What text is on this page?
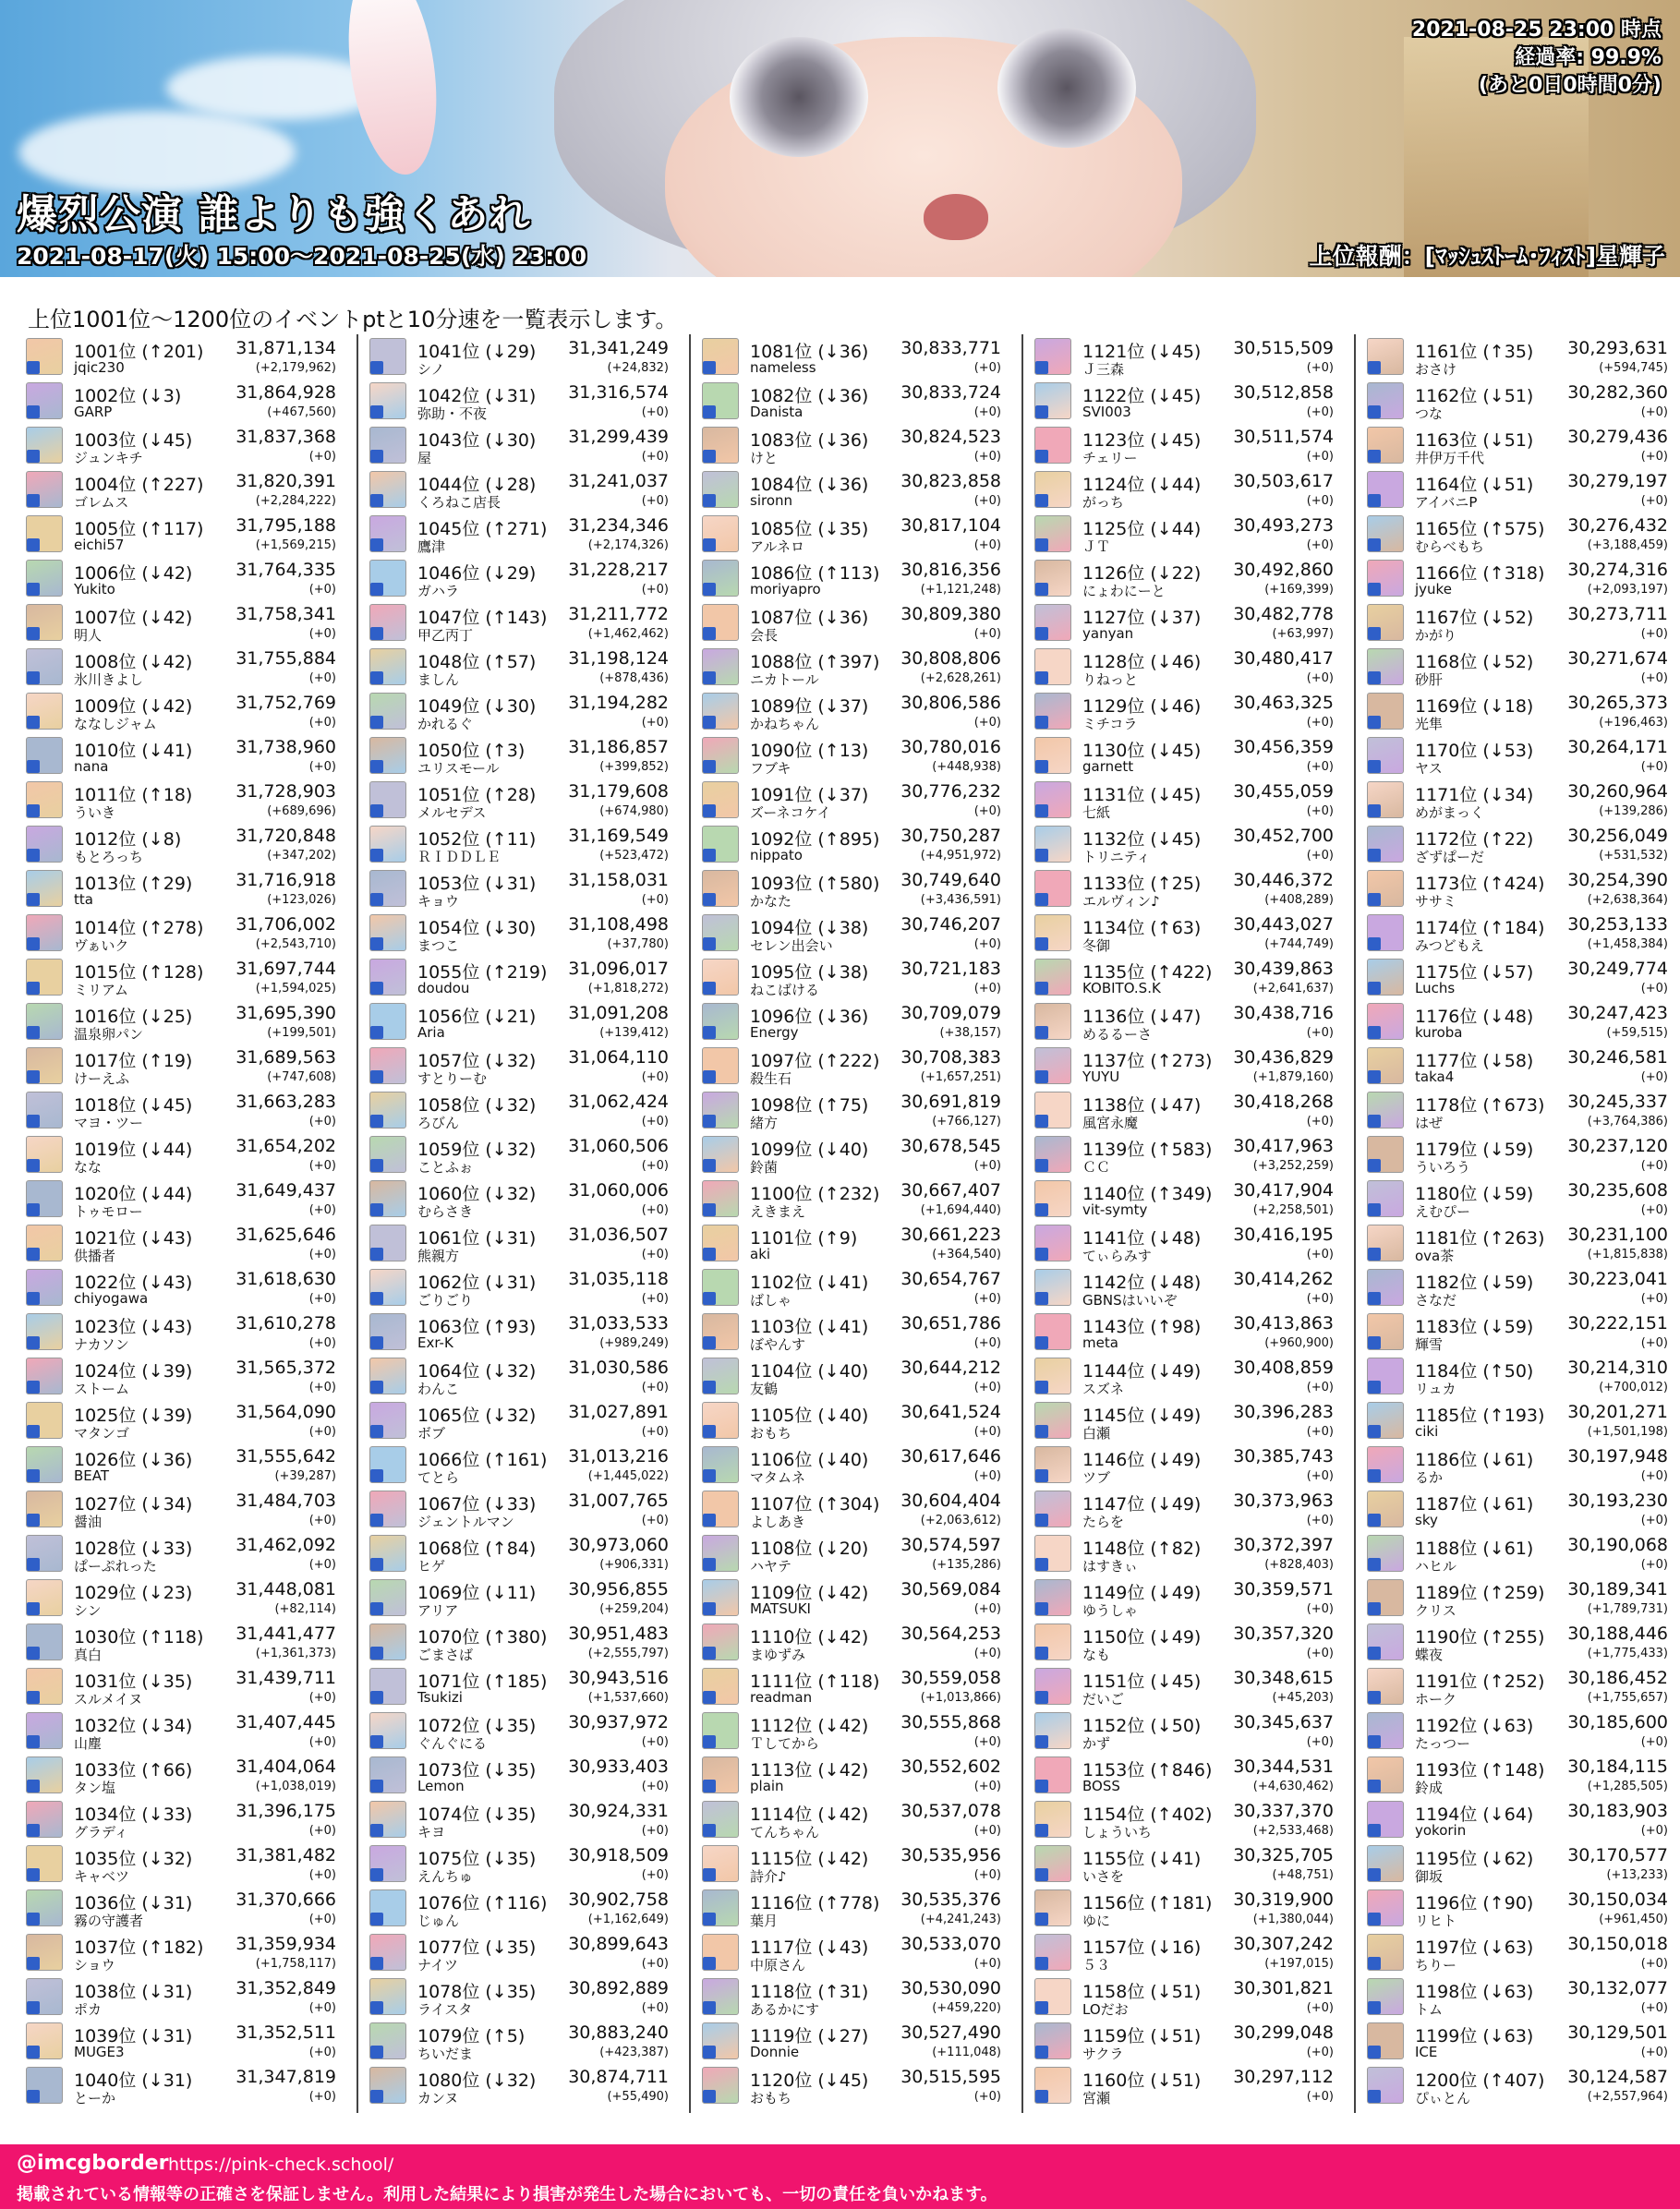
2021-08-25 23:00 時点
経過率: 99.9%
(あと0日0時間0分)
爆烈公演 誰よりも強くあれ
2021-08-17(火) 15:00～2021-08-25(水) 23:00	上位報酬：[ﾏｯｼｭｽﾄｰﾑ･ﾌｨｽﾄ]星輝子
上位1001位～1200位のイベントptと10分速を一覧表示します。
1001位 (↑201) 31,871,134
jqic230	(+2,179,962)
1002位 (↓3)	31,864,928
GARP	(+467,560)
1003位 (↓45) 31,837,368
ジュンキチ	(+0)
1004位 (↑227) 31,820,391
ゴレムス	(+2,284,222)
1005位 (↑117) 31,795,188
eichi57	(+1,569,215)
1006位 (↓42) 31,764,335
Yukito	(+0)
1007位 (↓42) 31,758,341
明人	(+0)
1008位 (↓42) 31,755,884
氷川きよし	(+0)
1009位 (↓42) 31,752,769
ななしジャム	(+0)
1010位 (↓41) 31,738,960
nana	(+0)
1011位 (↑18) 31,728,903
ういき	(+689,696)
1012位 (↓8)	31,720,848
もとろっち	(+347,202)
1013位 (↑29) 31,716,918
tta	(+123,026)
1014位 (↑278) 31,706,002
ヴぁいク	(+2,543,710)
1015位 (↑128) 31,697,744
ミリアム	(+1,594,025)
1016位 (↓25) 31,695,390
温泉卵パン	(+199,501)
1017位 (↑19) 31,689,563
けーえふ	(+747,608)
1018位 (↓45) 31,663,283
マヨ・ツー	(+0)
1019位 (↓44) 31,654,202
なな	(+0)
1020位 (↓44) 31,649,437
トゥモロー	(+0)
1021位 (↓43) 31,625,646
供播者	(+0)
1022位 (↓43) 31,618,630
chiyogawa	(+0)
1023位 (↓43) 31,610,278
ナカソン	(+0)
1024位 (↓39) 31,565,372
ストーム	(+0)
1025位 (↓39) 31,564,090
マタンゴ	(+0)
1026位 (↓36) 31,555,642
BEAT	(+39,287)
1027位 (↓34) 31,484,703
醤油	(+0)
1028位 (↓33) 31,462,092
ぱーぷれった	(+0)
1029位 (↓23) 31,448,081
シン	(+82,114)
1030位 (↑118) 31,441,477
真白	(+1,361,373)
1031位 (↓35) 31,439,711
スルメイヌ	(+0)
1032位 (↓34) 31,407,445
山塵	(+0)
1033位 (↑66) 31,404,064
タン塩	(+1,038,019)
1034位 (↓33) 31,396,175
グラディ	(+0)
1035位 (↓32) 31,381,482
キャベツ	(+0)
1036位 (↓31) 31,370,666
霧の守護者	(+0)
1037位 (↑182) 31,359,934
ショウ	(+1,758,117)
1038位 (↓31) 31,352,849
ポカ	(+0)
1039位 (↓31) 31,352,511
MUGE3	(+0)
1040位 (↓31) 31,347,819
とーか	(+0)
1041位 (↓29) 31,341,249
シノ	(+24,832)
1042位 (↓31) 31,316,574
弥助・不夜	(+0)
1043位 (↓30) 31,299,439
屋	(+0)
1044位 (↓28) 31,241,037
くろねこ店長	(+0)
1045位 (↑271) 31,234,346
鷹津	(+2,174,326)
1046位 (↓29) 31,228,217
ガハラ	(+0)
1047位 (↑143) 31,211,772
甲乙丙丁	(+1,462,462)
1048位 (↑57) 31,198,124
ましん	(+878,436)
1049位 (↓30) 31,194,282
かれるぐ	(+0)
1050位 (↑3) 31,186,857
ユリスモール	(+399,852)
1051位 (↑28) 31,179,608
メルセデス	(+674,980)
1052位 (↑11) 31,169,549
ＲＩＤＤＬＥ	(+523,472)
1053位 (↓31) 31,158,031
キョウ	(+0)
1054位 (↓30) 31,108,498
まつこ	(+37,780)
1055位 (↑219) 31,096,017
doudou	(+1,818,272)
1056位 (↓21) 31,091,208
Aria	(+139,412)
1057位 (↓32) 31,064,110
すとりーむ	(+0)
1058位 (↓32) 31,062,424
ろびん	(+0)
1059位 (↓32) 31,060,506
ことふぉ	(+0)
1060位 (↓32) 31,060,006
むらさき	(+0)
1061位 (↓31) 31,036,507
熊親方	(+0)
1062位 (↓31) 31,035,118
ごりごり	(+0)
1063位 (↑93) 31,033,533
Exr-K	(+989,249)
1064位 (↓32) 31,030,586
わんこ	(+0)
1065位 (↓32) 31,027,891
ボブ	(+0)
1066位 (↑161) 31,013,216
てとら	(+1,445,022)
1067位 (↓33) 31,007,765
ジェントルマン	(+0)
1068位 (↑84) 30,973,060
ヒゲ	(+906,331)
1069位 (↓11) 30,956,855
アリア	(+259,204)
1070位 (↑380) 30,951,483
ごまさば	(+2,555,797)
1071位 (↑185) 30,943,516
Tsukizi	(+1,537,660)
1072位 (↓35) 30,937,972
ぐんぐにる	(+0)
1073位 (↓35) 30,933,403
Lemon	(+0)
1074位 (↓35) 30,924,331
キヨ	(+0)
1075位 (↓35) 30,918,509
えんちゅ	(+0)
1076位 (↑116) 30,902,758
じゅん	(+1,162,649)
1077位 (↓35) 30,899,643
ナイツ	(+0)
1078位 (↓35) 30,892,889
ライスタ	(+0)
1079位 (↑5) 30,883,240
ちいだま	(+423,387)
1080位 (↓32) 30,874,711
カンヌ	(+55,490)
1081位 (↓36) 30,833,771
nameless	(+0)
1082位 (↓36) 30,833,724
Danista	(+0)
1083位 (↓36) 30,824,523
けと	(+0)
1084位 (↓36) 30,823,858
sironn	(+0)
1085位 (↓35) 30,817,104
アルネロ	(+0)
1086位 (↑113) 30,816,356
moriyapro	(+1,121,248)
1087位 (↓36) 30,809,380
会長	(+0)
1088位 (↑397) 30,808,806
ニカトール	(+2,628,261)
1089位 (↓37) 30,806,586
かねちゃん	(+0)
1090位 (↑13) 30,780,016
フブキ	(+448,938)
1091位 (↓37) 30,776,232
ズーネコケイ	(+0)
1092位 (↑895) 30,750,287
nippato	(+4,951,972)
1093位 (↑580) 30,749,640
かなた	(+3,436,591)
1094位 (↓38) 30,746,207
セレン出会い	(+0)
1095位 (↓38) 30,721,183
ねこばける	(+0)
1096位 (↓36) 30,709,079
Energy	(+38,157)
1097位 (↑222) 30,708,383
殺生石	(+1,657,251)
1098位 (↑75) 30,691,819
緒方	(+766,127)
1099位 (↓40) 30,678,545
鈴菌	(+0)
1100位 (↑232) 30,667,407
えきまえ	(+1,694,440)
1101位 (↑9) 30,661,223
aki	(+364,540)
1102位 (↓41) 30,654,767
ばしゃ	(+0)
1103位 (↓41) 30,651,786
ぼやんす	(+0)
1104位 (↓40) 30,644,212
友鶴	(+0)
1105位 (↓40) 30,641,524
おもち	(+0)
1106位 (↓40) 30,617,646
マタムネ	(+0)
1107位 (↑304) 30,604,404
よしあき	(+2,063,612)
1108位 (↓20) 30,574,597
ハヤテ	(+135,286)
1109位 (↓42) 30,569,084
MATSUKI	(+0)
1110位 (↓42) 30,564,253
まゆずみ	(+0)
1111位 (↑118) 30,559,058
readman	(+1,013,866)
1112位 (↓42) 30,555,868
Ｔしてから	(+0)
1113位 (↓42) 30,552,602
plain	(+0)
1114位 (↓42) 30,537,078
てんちゃん	(+0)
1115位 (↓42) 30,535,956
詩介♪	(+0)
1116位 (↑778) 30,535,376
葉月	(+4,241,243)
1117位 (↓43) 30,533,070
中原さん	(+0)
1118位 (↑31) 30,530,090
あるかにす	(+459,220)
1119位 (↓27) 30,527,490
Donnie	(+111,048)
1120位 (↓45) 30,515,595
おもち	(+0)
1121位 (↓45) 30,515,509
Ｊ三森	(+0)
1122位 (↓45) 30,512,858
SVI003	(+0)
1123位 (↓45) 30,511,574
チェリー	(+0)
1124位 (↓44) 30,503,617
がっち	(+0)
1125位 (↓44) 30,493,273
ＪＴ	(+0)
1126位 (↓22) 30,492,860
にょわにーと	(+169,399)
1127位 (↓37) 30,482,778
yanyan	(+63,997)
1128位 (↓46) 30,480,417
りねっと	(+0)
1129位 (↓46) 30,463,325
ミチコラ	(+0)
1130位 (↓45) 30,456,359
garnett	(+0)
1131位 (↓45) 30,455,059
七紙	(+0)
1132位 (↓45) 30,452,700
トリニティ	(+0)
1133位 (↑25) 30,446,372
エルヴィン♪	(+408,289)
1134位 (↑63) 30,443,027
冬御	(+744,749)
1135位 (↑422) 30,439,863
KOBITO.S.K	(+2,641,637)
1136位 (↓47) 30,438,716
めるるーさ	(+0)
1137位 (↑273) 30,436,829
YUYU	(+1,879,160)
1138位 (↓47) 30,418,268
風宮永魔	(+0)
1139位 (↑583) 30,417,963
ＣＣ	(+3,252,259)
1140位 (↑349) 30,417,904
vit-symty	(+2,258,501)
1141位 (↓48) 30,416,195
てぃらみす	(+0)
1142位 (↓48) 30,414,262
GBNSはいいぞ	(+0)
1143位 (↑98) 30,413,863
meta	(+960,900)
1144位 (↓49) 30,408,859
スズネ	(+0)
1145位 (↓49) 30,396,283
白瀬	(+0)
1146位 (↓49) 30,385,743
ツブ	(+0)
1147位 (↓49) 30,373,963
たらを	(+0)
1148位 (↑82) 30,372,397
はすきぃ	(+828,403)
1149位 (↓49) 30,359,571
ゆうしゃ	(+0)
1150位 (↓49) 30,357,320
なも	(+0)
1151位 (↓45) 30,348,615
だいご	(+45,203)
1152位 (↓50) 30,345,637
かず	(+0)
1153位 (↑846) 30,344,531
BOSS	(+4,630,462)
1154位 (↑402) 30,337,370
しょういち	(+2,533,468)
1155位 (↓41) 30,325,705
いさを	(+48,751)
1156位 (↑181) 30,319,900
ゆに	(+1,380,044)
1157位 (↓16) 30,307,242
５３	(+197,015)
1158位 (↓51) 30,301,821
LOだお	(+0)
1159位 (↓51) 30,299,048
サクラ	(+0)
1160位 (↓51) 30,297,112
宮瀬	(+0)
1161位 (↑35) 30,293,631
おさけ	(+594,745)
1162位 (↓51) 30,282,360
つな	(+0)
1163位 (↓51) 30,279,436
井伊万千代	(+0)
1164位 (↓51) 30,279,197
アイバニP	(+0)
1165位 (↑575) 30,276,432
むらべもち	(+3,188,459)
1166位 (↑318) 30,274,316
jyuke	(+2,093,197)
1167位 (↓52) 30,273,711
かがり	(+0)
1168位 (↓52) 30,271,674
砂肝	(+0)
1169位 (↓18) 30,265,373
光隼	(+196,463)
1170位 (↓53) 30,264,171
ヤス	(+0)
1171位 (↓34) 30,260,964
めがまっく	(+139,286)
1172位 (↑22) 30,256,049
ざずぱーだ	(+531,532)
1173位 (↑424) 30,254,390
ササミ	(+2,638,364)
1174位 (↑184) 30,253,133
みつどもえ	(+1,458,384)
1175位 (↓57) 30,249,774
Luchs	(+0)
1176位 (↓48) 30,247,423
kuroba	(+59,515)
1177位 (↓58) 30,246,581
taka4	(+0)
1178位 (↑673) 30,245,337
はぜ	(+3,764,386)
1179位 (↓59) 30,237,120
ういろう	(+0)
1180位 (↓59) 30,235,608
えむぴー	(+0)
1181位 (↑263) 30,231,100
ova茶	(+1,815,838)
1182位 (↓59) 30,223,041
さなだ	(+0)
1183位 (↓59) 30,222,151
輝雪	(+0)
1184位 (↑50) 30,214,310
リュカ	(+700,012)
1185位 (↑193) 30,201,271
ciki	(+1,501,198)
1186位 (↓61) 30,197,948
るか	(+0)
1187位 (↓61) 30,193,230
sky	(+0)
1188位 (↓61) 30,190,068
ハヒル	(+0)
1189位 (↑259) 30,189,341
クリス	(+1,789,731)
1190位 (↑255) 30,188,446
蝶夜	(+1,775,433)
1191位 (↑252) 30,186,452
ホーク	(+1,755,657)
1192位 (↓63) 30,185,600
たっつー	(+0)
1193位 (↑148) 30,184,115
鈴成	(+1,285,505)
1194位 (↓64) 30,183,903
yokorin	(+0)
1195位 (↓62) 30,170,577
御坂	(+13,233)
1196位 (↑90) 30,150,034
リヒト	(+961,450)
1197位 (↓63) 30,150,018
ちりー	(+0)
1198位 (↓63) 30,132,077
トム	(+0)
1199位 (↓63) 30,129,501
ICE	(+0)
1200位 (↑407) 30,124,587
ぴぃとん	(+2,557,964)
@imcgborder https://pink-check.school/
掲載されている情報等の正確さを保証しません。利用した結果により損害が発生した場合においても、一切の責任を負いかねます。
